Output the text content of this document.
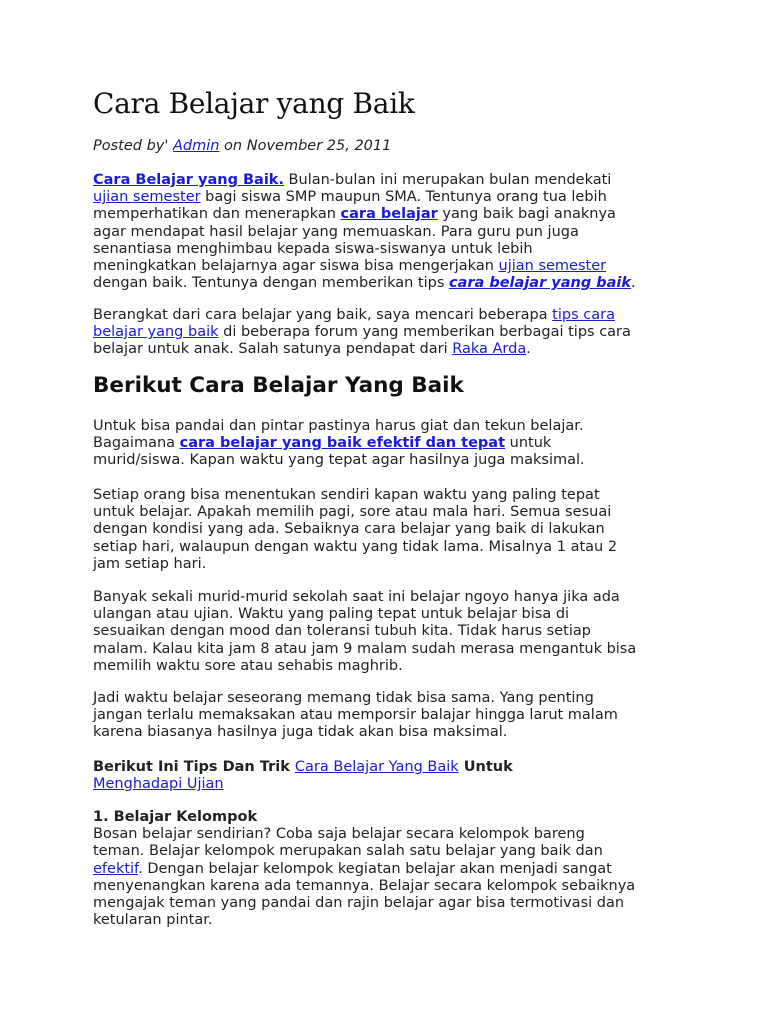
Cara Belajar yang Baik
Posted by' Admin on November 25, 2011

Cara Belajar yang Baik. Bulan-bulan ini merupakan bulan mendekati

ujian semester bagi siswa SMP maupun SMA. Tentunya orang tua lebih

memperhatikan dan menerapkan cara belajar yang baik bagi anaknya

agar mendapat hasil belajar yang memuaskan. Para guru pun juga

senantiasa menghimbau kepada siswa-siswanya untuk lebih

meningkatkan belajarnya agar siswa bisa mengerjakan ujian semester

dengan baik. Tentunya dengan memberikan tips cara belajar yang baik.

Berangkat dari cara belajar yang baik, saya mencari beberapa tips cara

belajar yang baik di beberapa forum yang memberikan berbagai tips cara

belajar untuk anak. Salah satunya pendapat dari Raka Arda.

Berikut Cara Belajar Yang Baik

Untuk bisa pandai dan pintar pastinya harus giat dan tekun belajar.

Bagaimana cara belajar yang baik efektif dan tepat untuk

murid/siswa. Kapan waktu yang tepat agar hasilnya juga maksimal.

Setiap orang bisa menentukan sendiri kapan waktu yang paling tepat

untuk belajar. Apakah memilih pagi, sore atau mala hari. Semua sesuai

dengan kondisi yang ada. Sebaiknya cara belajar yang baik di lakukan

setiap hari, walaupun dengan waktu yang tidak lama. Misalnya 1 atau 2

jam setiap hari.

Banyak sekali murid-murid sekolah saat ini belajar ngoyo hanya jika ada

ulangan atau ujian. Waktu yang paling tepat untuk belajar bisa di

sesuaikan dengan mood dan toleransi tubuh kita. Tidak harus setiap

malam. Kalau kita jam 8 atau jam 9 malam sudah merasa mengantuk bisa

memilih waktu sore atau sehabis maghrib.

Jadi waktu belajar seseorang memang tidak bisa sama. Yang penting

jangan terlalu memaksakan atau memporsir balajar hingga larut malam

karena biasanya hasilnya juga tidak akan bisa maksimal.

Berikut Ini Tips Dan Trik Cara Belajar Yang Baik Untuk

Menghadapi Ujian

1. Belajar Kelompok

Bosan belajar sendirian? Coba saja belajar secara kelompok bareng

teman. Belajar kelompok merupakan salah satu belajar yang baik dan

efektif. Dengan belajar kelompok kegiatan belajar akan menjadi sangat

menyenangkan karena ada temannya. Belajar secara kelompok sebaiknya

mengajak teman yang pandai dan rajin belajar agar bisa termotivasi dan

ketularan pintar.
